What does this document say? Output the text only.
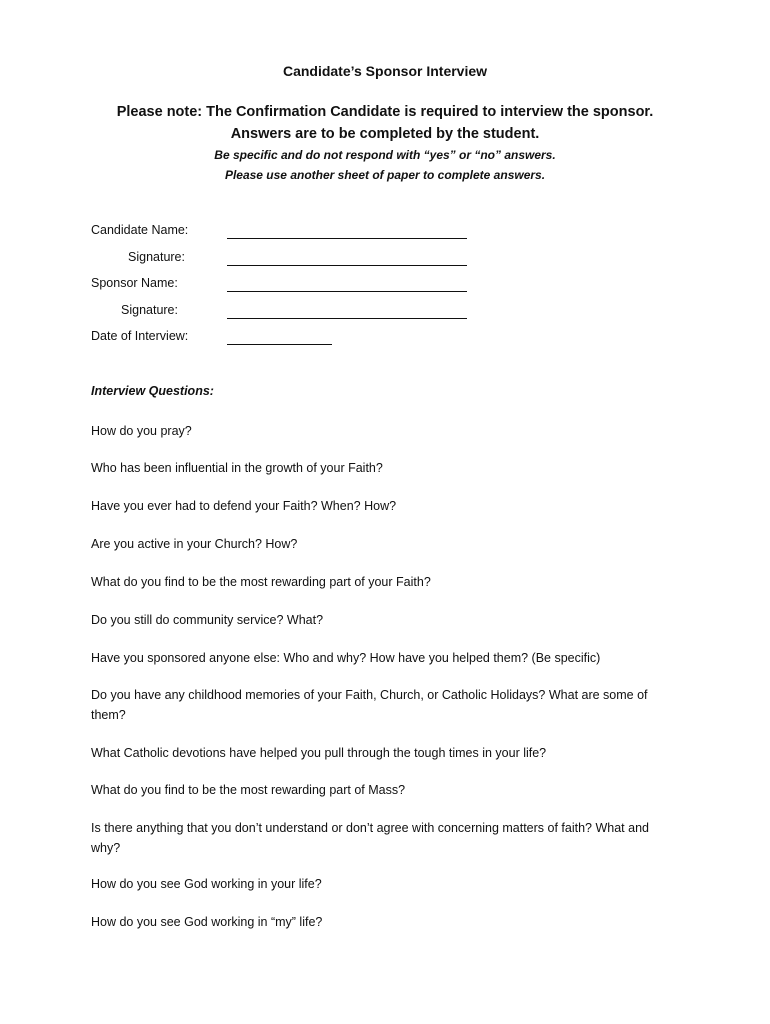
Candidate’s Sponsor Interview
Please note: The Confirmation Candidate is required to interview the sponsor.
Answers are to be completed by the student.
Be specific and do not respond with “yes” or “no” answers.
Please use another sheet of paper to complete answers.
Candidate Name:
Signature:
Sponsor Name:
Signature:
Date of Interview:
Interview Questions:
How do you pray?
Who has been influential in the growth of your Faith?
Have you ever had to defend your Faith? When? How?
Are you active in your Church? How?
What do you find to be the most rewarding part of your Faith?
Do you still do community service? What?
Have you sponsored anyone else: Who and why? How have you helped them? (Be specific)
Do you have any childhood memories of your Faith, Church, or Catholic Holidays? What are some of them?
What Catholic devotions have helped you pull through the tough times in your life?
What do you find to be the most rewarding part of Mass?
Is there anything that you don’t understand or don’t agree with concerning matters of faith? What and why?
How do you see God working in your life?
How do you see God working in “my” life?
